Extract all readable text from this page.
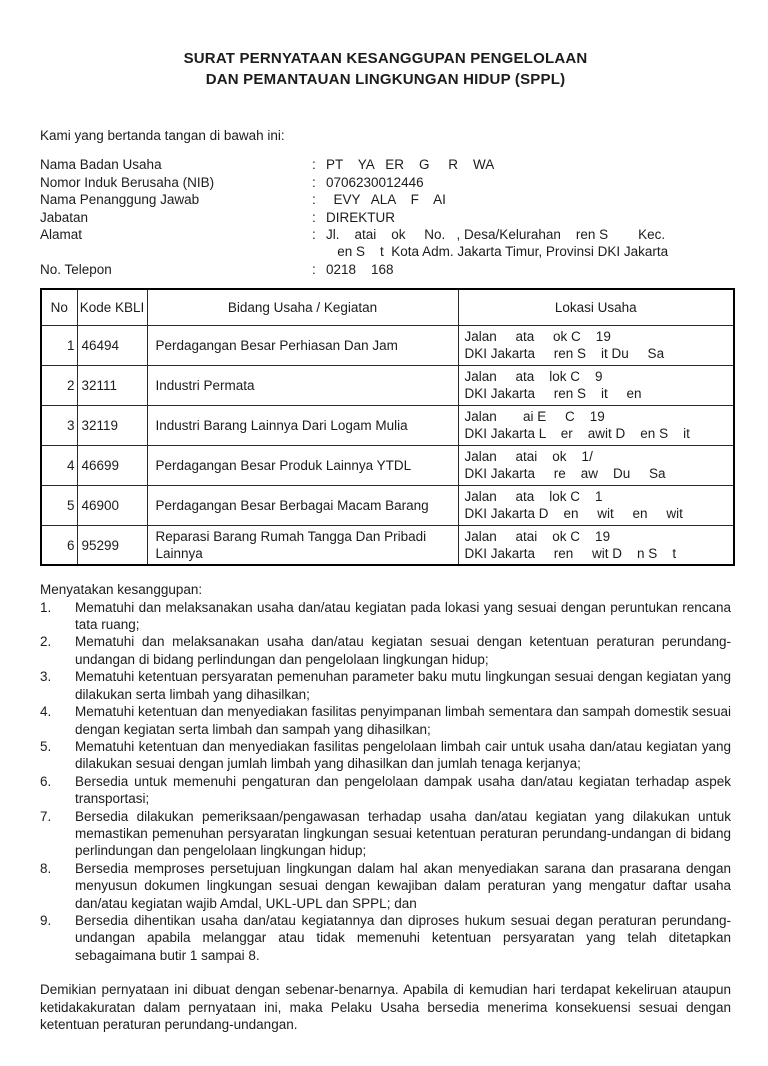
SURAT PERNYATAAN KESANGGUPAN PENGELOLAAN
DAN PEMANTAUAN LINGKUNGAN HIDUP (SPPL)
Kami yang bertanda tangan di bawah ini:
Nama Badan Usaha	: PT    YA   ER    G     R    WA
Nomor Induk Berusaha (NIB)	: 0706230012446
Nama Penanggung Jawab	: EVY   ALA    F    AI
Jabatan	: DIREKTUR
Alamat	: Jl.    atai    ok     No.   , Desa/Kelurahan    ren S        Kec.
en S    t  Kota Adm. Jakarta Timur, Provinsi DKI Jakarta
No. Telepon	: 0218    168
No	Kode KBLI	Bidang Usaha / Kegiatan	Lokasi Usaha
1	46494	Perdagangan Besar Perhiasan Dan Jam	Jalan     ata     ok C    19
DKI Jakarta     ren S    it Du     Sa

2	32111	Industri Permata	Jalan     ata    lok C    9
DKI Jakarta     ren S    it     en

3	32119	Industri Barang Lainnya Dari Logam Mulia	Jalan       ai E     C    19
DKI Jakarta L    er    awit D    en S    it

4	46699	Perdagangan Besar Produk Lainnya YTDL	Jalan     atai    ok    1/
DKI Jakarta     re    aw    Du     Sa

5	46900	Perdagangan Besar Berbagai Macam Barang	Jalan     ata    lok C    1
DKI Jakarta D    en     wit     en     wit

6	95299	Reparasi Barang Rumah Tangga Dan Pribadi Lainnya	Jalan     atai    ok C    19
DKI Jakarta     ren     wit D    n S    t
Menyatakan kesanggupan:
1.	Mematuhi dan melaksanakan usaha dan/atau kegiatan pada lokasi yang sesuai dengan peruntukan rencana tata ruang;
2.	Mematuhi dan melaksanakan usaha dan/atau kegiatan sesuai dengan ketentuan peraturan perundang-undangan di bidang perlindungan dan pengelolaan lingkungan hidup;
3.	Mematuhi ketentuan persyaratan pemenuhan parameter baku mutu lingkungan sesuai dengan kegiatan yang dilakukan serta limbah yang dihasilkan;
4.	Mematuhi ketentuan dan menyediakan fasilitas penyimpanan limbah sementara dan sampah domestik sesuai dengan kegiatan serta limbah dan sampah yang dihasilkan;
5.	Mematuhi ketentuan dan menyediakan fasilitas pengelolaan limbah cair untuk usaha dan/atau kegiatan yang dilakukan sesuai dengan jumlah limbah yang dihasilkan dan jumlah tenaga kerjanya;
6.	Bersedia untuk memenuhi pengaturan dan pengelolaan dampak usaha dan/atau kegiatan terhadap aspek transportasi;
7.	Bersedia dilakukan pemeriksaan/pengawasan terhadap usaha dan/atau kegiatan yang dilakukan untuk memastikan pemenuhan persyaratan lingkungan sesuai ketentuan peraturan perundang-undangan di bidang perlindungan dan pengelolaan lingkungan hidup;
8.	Bersedia memproses persetujuan lingkungan dalam hal akan menyediakan sarana dan prasarana dengan menyusun dokumen lingkungan sesuai dengan kewajiban dalam peraturan yang mengatur daftar usaha dan/atau kegiatan wajib Amdal, UKL-UPL dan SPPL; dan
9.	Bersedia dihentikan usaha dan/atau kegiatannya dan diproses hukum sesuai degan peraturan perundang-undangan apabila melanggar atau tidak memenuhi ketentuan persyaratan yang telah ditetapkan sebagaimana butir 1 sampai 8.
Demikian pernyataan ini dibuat dengan sebenar-benarnya. Apabila di kemudian hari terdapat kekeliruan ataupun ketidakakuratan dalam pernyataan ini, maka Pelaku Usaha bersedia menerima konsekuensi sesuai dengan ketentuan peraturan perundang-undangan.
